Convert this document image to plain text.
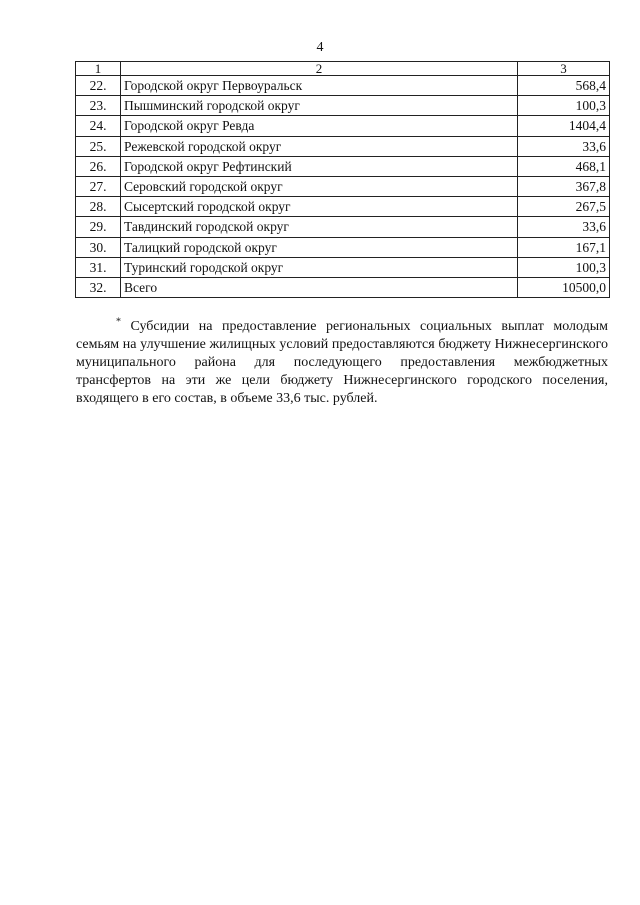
4
1	2	3
22.	Городской округ Первоуральск	568,4
23.	Пышминский городской округ	100,3
24.	Городской округ Ревда	1404,4
25.	Режевской городской округ	33,6
26.	Городской округ Рефтинский	468,1
27.	Серовский городской округ	367,8
28.	Сысертский городской округ	267,5
29.	Тавдинский городской округ	33,6
30.	Талицкий городской округ	167,1
31.	Туринский городской округ	100,3
32.	Всего	10500,0

* Субсидии на предоставление региональных социальных выплат молодым семьям на улучшение жилищных условий предоставляются бюджету Нижнесергинского муниципального района для последующего предоставления межбюджетных трансфертов на эти же цели бюджету Нижнесергинского городского поселения, входящего в его состав, в объеме 33,6 тыс. рублей.
